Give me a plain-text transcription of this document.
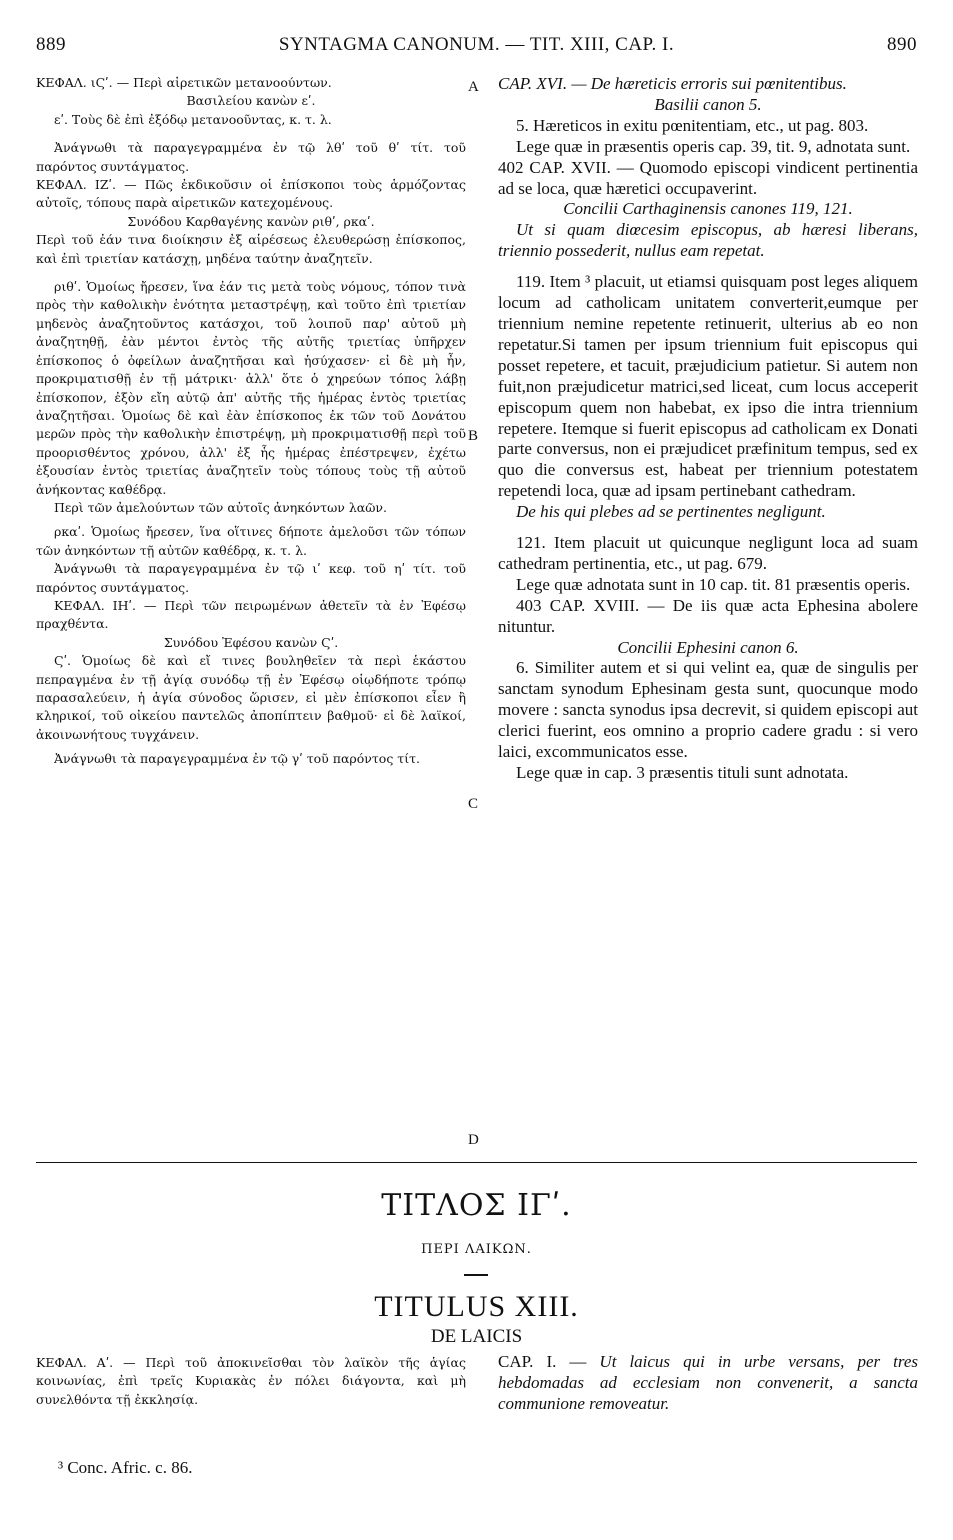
889	SYNTAGMA CANONUM. — TIT. XIII, CAP. I.	890

ΚΕΦΑΛ. ιϚʹ. — Περὶ αἱρετικῶν μετανοούντων.

Βασιλείου κανὼν εʹ.

εʹ. Τοὺς δὲ ἐπὶ ἐξόδῳ μετανοοῦντας, κ. τ. λ.

Ἀνάγνωθι τὰ παραγεγραμμένα ἐν τῷ λθʹ τοῦ θʹ τίτ. τοῦ παρόντος συντάγματος.

ΚΕΦΑΛ. ΙΖʹ. — Πῶς ἐκδικοῦσιν οἱ ἐπίσκοποι τοὺς ἁρμόζοντας αὐτοῖς, τόπους παρὰ αἱρετικῶν κατεχομένους.

Συνόδου Καρθαγένης κανὼν ριθʹ, ρκαʹ.

Περὶ τοῦ ἐάν τινα διοίκησιν ἐξ αἱρέσεως ἐλευθερώσῃ ἐπίσκοπος, καὶ ἐπὶ τριετίαν κατάσχῃ, μηδένα ταύτην ἀναζητεῖν.

ριθʹ. Ὁμοίως ἤρεσεν, ἵνα ἐάν τις μετὰ τοὺς νόμους, τόπον τινὰ πρὸς τὴν καθολικὴν ἑνότητα μεταστρέψῃ, καὶ τοῦτο ἐπὶ τριετίαν μηδενὸς ἀναζητοῦντος κατάσχοι, τοῦ λοιποῦ παρ' αὐτοῦ μὴ ἀναζητηθῇ, ἐὰν μέντοι ἐντὸς τῆς αὐτῆς τριετίας ὑπῆρχεν ἐπίσκοπος ὁ ὀφείλων ἀναζητῆσαι καὶ ἡσύχασεν· εἰ δὲ μὴ ἦν, προκριματισθῇ ἐν τῇ μάτρικι· ἀλλ' ὅτε ὁ χηρεύων τόπος λάβῃ ἐπίσκοπον, ἐξὸν εἴη αὐτῷ ἀπ' αὐτῆς τῆς ἡμέρας ἐντὸς τριετίας ἀναζητῆσαι. Ὁμοίως δὲ καὶ ἐὰν ἐπίσκοπος ἐκ τῶν τοῦ Δονάτου μερῶν πρὸς τὴν καθολικὴν ἐπιστρέψῃ, μὴ προκριματισθῇ περὶ τοῦ προορισθέντος χρόνου, ἀλλ' ἐξ ἧς ἡμέρας ἐπέστρεψεν, ἐχέτω ἐξουσίαν ἐντὸς τριετίας ἀναζητεῖν τοὺς τόπους τοὺς τῇ αὐτοῦ ἀνήκοντας καθέδρᾳ.

Περὶ τῶν ἀμελούντων τῶν αὐτοῖς ἀνηκόντων λαῶν.

ρκαʹ. Ὁμοίως ἤρεσεν, ἵνα οἵτινες δήποτε ἀμελοῦσι τῶν τόπων τῶν ἀνηκόντων τῇ αὐτῶν καθέδρᾳ, κ. τ. λ.

Ἀνάγνωθι τὰ παραγεγραμμένα ἐν τῷ ιʹ κεφ. τοῦ ηʹ τίτ. τοῦ παρόντος συντάγματος.

ΚΕΦΑΛ. ΙΗʹ. — Περὶ τῶν πειρωμένων ἀθετεῖν τὰ ἐν Ἐφέσῳ πραχθέντα.

Συνόδου Ἐφέσου κανὼν Ϛʹ.

Ϛʹ. Ὁμοίως δὲ καὶ εἴ τινες βουληθεῖεν τὰ περὶ ἑκάστου πεπραγμένα ἐν τῇ ἁγίᾳ συνόδῳ τῇ ἐν Ἐφέσῳ οἱῳδήποτε τρόπῳ παρασαλεύειν, ἡ ἁγία σύνοδος ὥρισεν, εἰ μὲν ἐπίσκοποι εἶεν ἢ κληρικοί, τοῦ οἰκείου παντελῶς ἀποπίπτειν βαθμοῦ· εἰ δὲ λαϊκοί, ἀκοινωνήτους τυγχάνειν.

Ἀνάγνωθι τὰ παραγεγραμμένα ἐν τῷ γʹ τοῦ παρόντος τίτ.

CAP. XVI. — De hæreticis erroris sui pœnitentibus.

Basilii canon 5.

5. Hæreticos in exitu pœnitentiam, etc., ut pag. 803.

Lege quæ in præsentis operis cap. 39, tit. 9, adnotata sunt.

402 CAP. XVII. — Quomodo episcopi vindicent pertinentia ad se loca, quæ hæretici occupaverint.

Concilii Carthaginensis canones 119, 121.

Ut si quam diœcesim episcopus, ab hæresi liberans, triennio possederit, nullus eam repetat.

119. Item ³ placuit, ut etiamsi quisquam post leges aliquem locum ad catholicam unitatem converterit,eumque per triennium nemine repetente retinuerit, ulterius ab eo non repetatur.Si tamen per ipsum triennium fuit episcopus qui posset repetere, et tacuit, præjudicium patietur. Si autem non fuit,non præjudicetur matrici,sed liceat, cum locus acceperit episcopum quem non habebat, ex ipso die intra triennium repetere. Itemque si fuerit episcopus ad catholicam ex Donati parte conversus, non ei præjudicet præfinitum tempus, sed ex quo die conversus est, habeat per triennium potestatem repetendi loca, quæ ad ipsam pertinebant cathedram.

De his qui plebes ad se pertinentes negligunt.

121. Item placuit ut quicunque negligunt loca ad suam cathedram pertinentia, etc., ut pag. 679.

Lege quæ adnotata sunt in 10 cap. tit. 81 præsentis operis.

403 CAP. XVIII. — De iis quæ acta Ephesina abolere nituntur.

Concilii Ephesini canon 6.

6. Similiter autem et si qui velint ea, quæ de singulis per sanctam synodum Ephesinam gesta sunt, quocunque modo movere : sancta synodus ipsa decrevit, si quidem episcopi aut clerici fuerint, eos omnino a proprio cadere gradu : si vero laici, excommunicatos esse.

Lege quæ in cap. 3 præsentis tituli sunt adnotata.

A
B
C
D
ΤΙΤΛΟΣ ΙΓʹ.
ΠΕΡΙ ΛΑΙΚΩΝ.
TITULUS XIII.
DE LAICIS

ΚΕΦΑΛ. Αʹ. — Περὶ τοῦ ἀποκινεῖσθαι τὸν λαϊκὸν τῆς ἁγίας κοινωνίας, ἐπὶ τρεῖς Κυριακὰς ἐν πόλει διάγοντα, καὶ μὴ συνελθόντα τῇ ἐκκλησίᾳ.

CAP. I. — Ut laicus qui in urbe versans, per tres hebdomadas ad ecclesiam non convenerit, a sancta communione removeatur.

³ Conc. Afric. c. 86.
